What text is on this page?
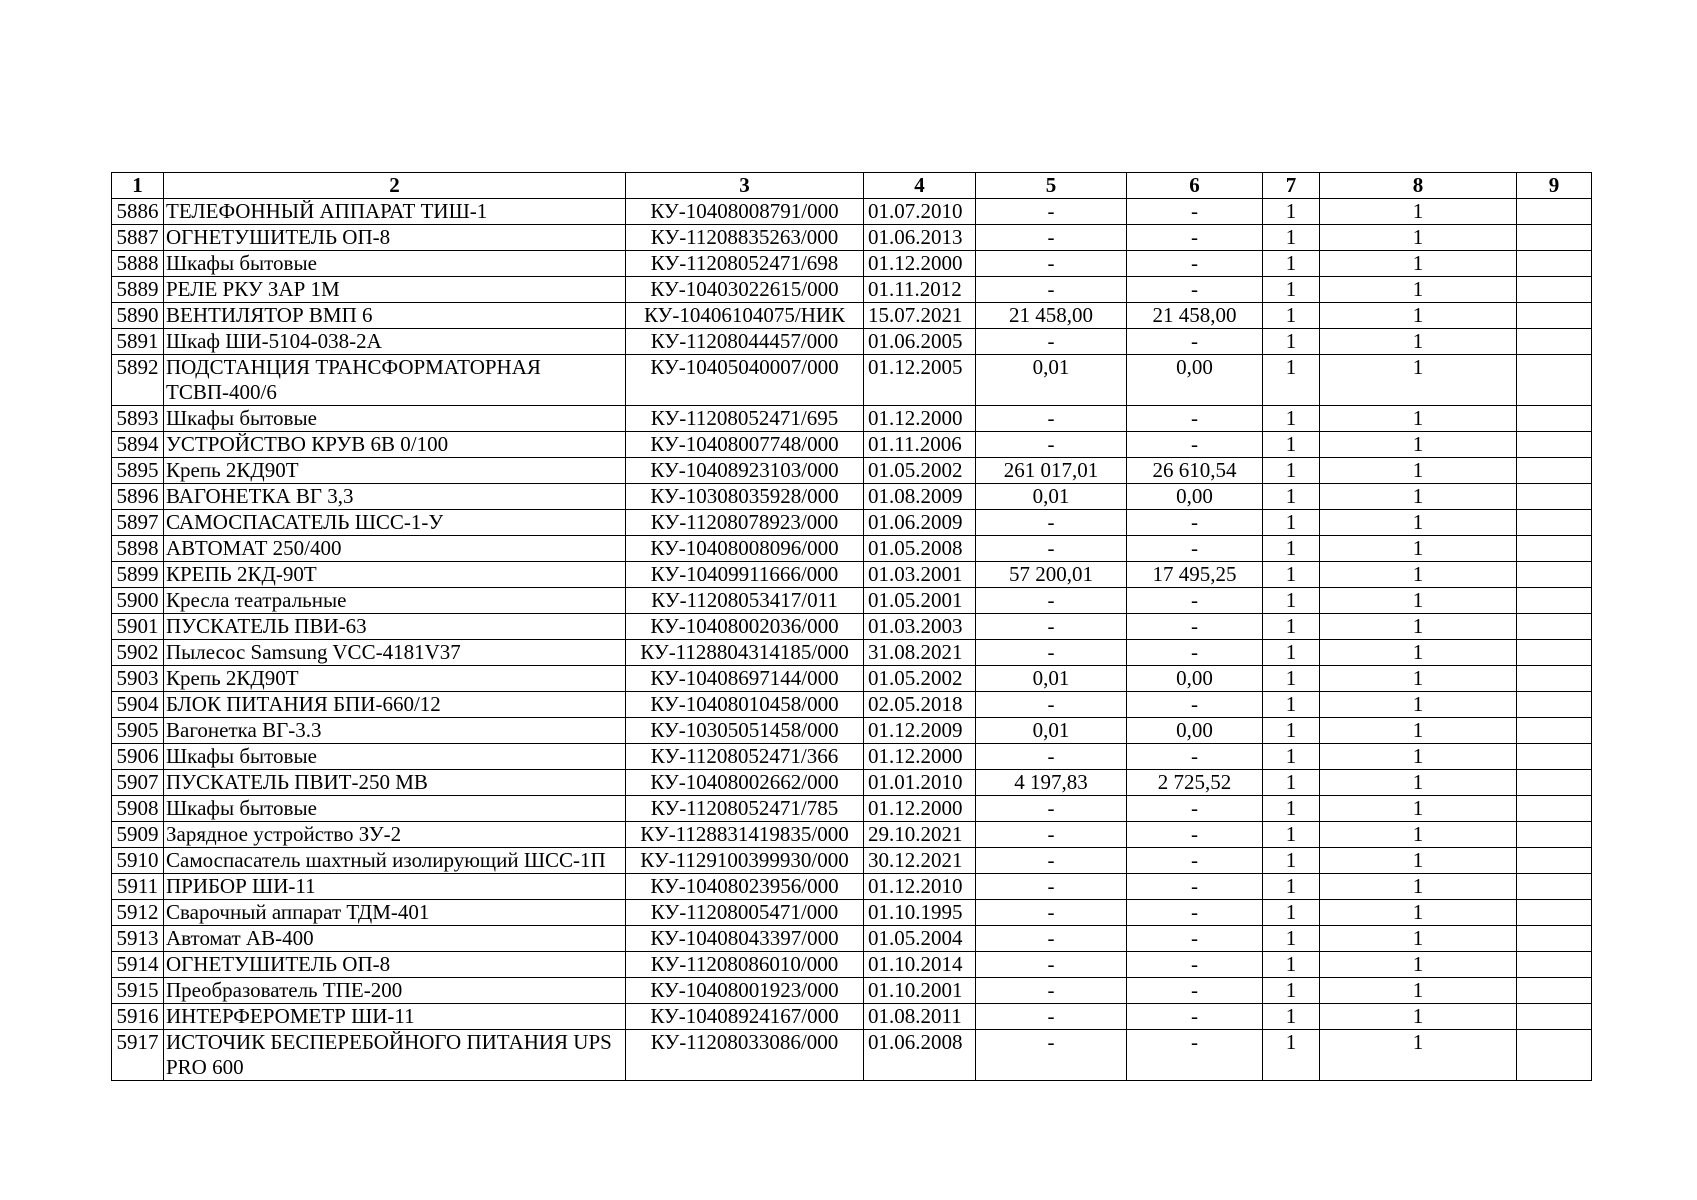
1	2	3	4	5	6	7	8	9
5886	ТЕЛЕФОННЫЙ АППАРАТ ТИШ-1	КУ-10408008791/000	01.07.2010	-	-	1	1	
5887	ОГНЕТУШИТЕЛЬ ОП-8	КУ-11208835263/000	01.06.2013	-	-	1	1	
5888	Шкафы бытовые	КУ-11208052471/698	01.12.2000	-	-	1	1	
5889	РЕЛЕ РКУ ЗАР 1М	КУ-10403022615/000	01.11.2012	-	-	1	1	
5890	ВЕНТИЛЯТОР ВМП 6	КУ-10406104075/НИК	15.07.2021	21 458,00	21 458,00	1	1	
5891	Шкаф ШИ-5104-038-2А	КУ-11208044457/000	01.06.2005	-	-	1	1	
5892	ПОДСТАНЦИЯ ТРАНСФОРМАТОРНАЯ ТСВП-400/6	КУ-10405040007/000	01.12.2005	0,01	0,00	1	1	
5893	Шкафы бытовые	КУ-11208052471/695	01.12.2000	-	-	1	1	
5894	УСТРОЙСТВО КРУВ 6В 0/100	КУ-10408007748/000	01.11.2006	-	-	1	1	
5895	Крепь 2КД90Т	КУ-10408923103/000	01.05.2002	261 017,01	26 610,54	1	1	
5896	ВАГОНЕТКА ВГ 3,3	КУ-10308035928/000	01.08.2009	0,01	0,00	1	1	
5897	САМОСПАСАТЕЛЬ ШСС-1-У	КУ-11208078923/000	01.06.2009	-	-	1	1	
5898	АВТОМАТ 250/400	КУ-10408008096/000	01.05.2008	-	-	1	1	
5899	КРЕПЬ 2КД-90Т	КУ-10409911666/000	01.03.2001	57 200,01	17 495,25	1	1	
5900	Кресла театральные	КУ-11208053417/011	01.05.2001	-	-	1	1	
5901	ПУСКАТЕЛЬ ПВИ-63	КУ-10408002036/000	01.03.2003	-	-	1	1	
5902	Пылесос Samsung VCC-4181V37	КУ-1128804314185/000	31.08.2021	-	-	1	1	
5903	Крепь 2КД90Т	КУ-10408697144/000	01.05.2002	0,01	0,00	1	1	
5904	БЛОК ПИТАНИЯ БПИ-660/12	КУ-10408010458/000	02.05.2018	-	-	1	1	
5905	Вагонетка ВГ-3.3	КУ-10305051458/000	01.12.2009	0,01	0,00	1	1	
5906	Шкафы бытовые	КУ-11208052471/366	01.12.2000	-	-	1	1	
5907	ПУСКАТЕЛЬ ПВИТ-250 МВ	КУ-10408002662/000	01.01.2010	4 197,83	2 725,52	1	1	
5908	Шкафы бытовые	КУ-11208052471/785	01.12.2000	-	-	1	1	
5909	Зарядное устройство ЗУ-2	КУ-1128831419835/000	29.10.2021	-	-	1	1	
5910	Самоспасатель шахтный изолирующий ШСС-1П	КУ-1129100399930/000	30.12.2021	-	-	1	1	
5911	ПРИБОР ШИ-11	КУ-10408023956/000	01.12.2010	-	-	1	1	
5912	Сварочный аппарат ТДМ-401	КУ-11208005471/000	01.10.1995	-	-	1	1	
5913	Автомат АВ-400	КУ-10408043397/000	01.05.2004	-	-	1	1	
5914	ОГНЕТУШИТЕЛЬ ОП-8	КУ-11208086010/000	01.10.2014	-	-	1	1	
5915	Преобразователь ТПЕ-200	КУ-10408001923/000	01.10.2001	-	-	1	1	
5916	ИНТЕРФЕРОМЕТР ШИ-11	КУ-10408924167/000	01.08.2011	-	-	1	1	
5917	ИСТОЧИК БЕСПЕРЕБОЙНОГО ПИТАНИЯ UPS PRO 600	КУ-11208033086/000	01.06.2008	-	-	1	1	
